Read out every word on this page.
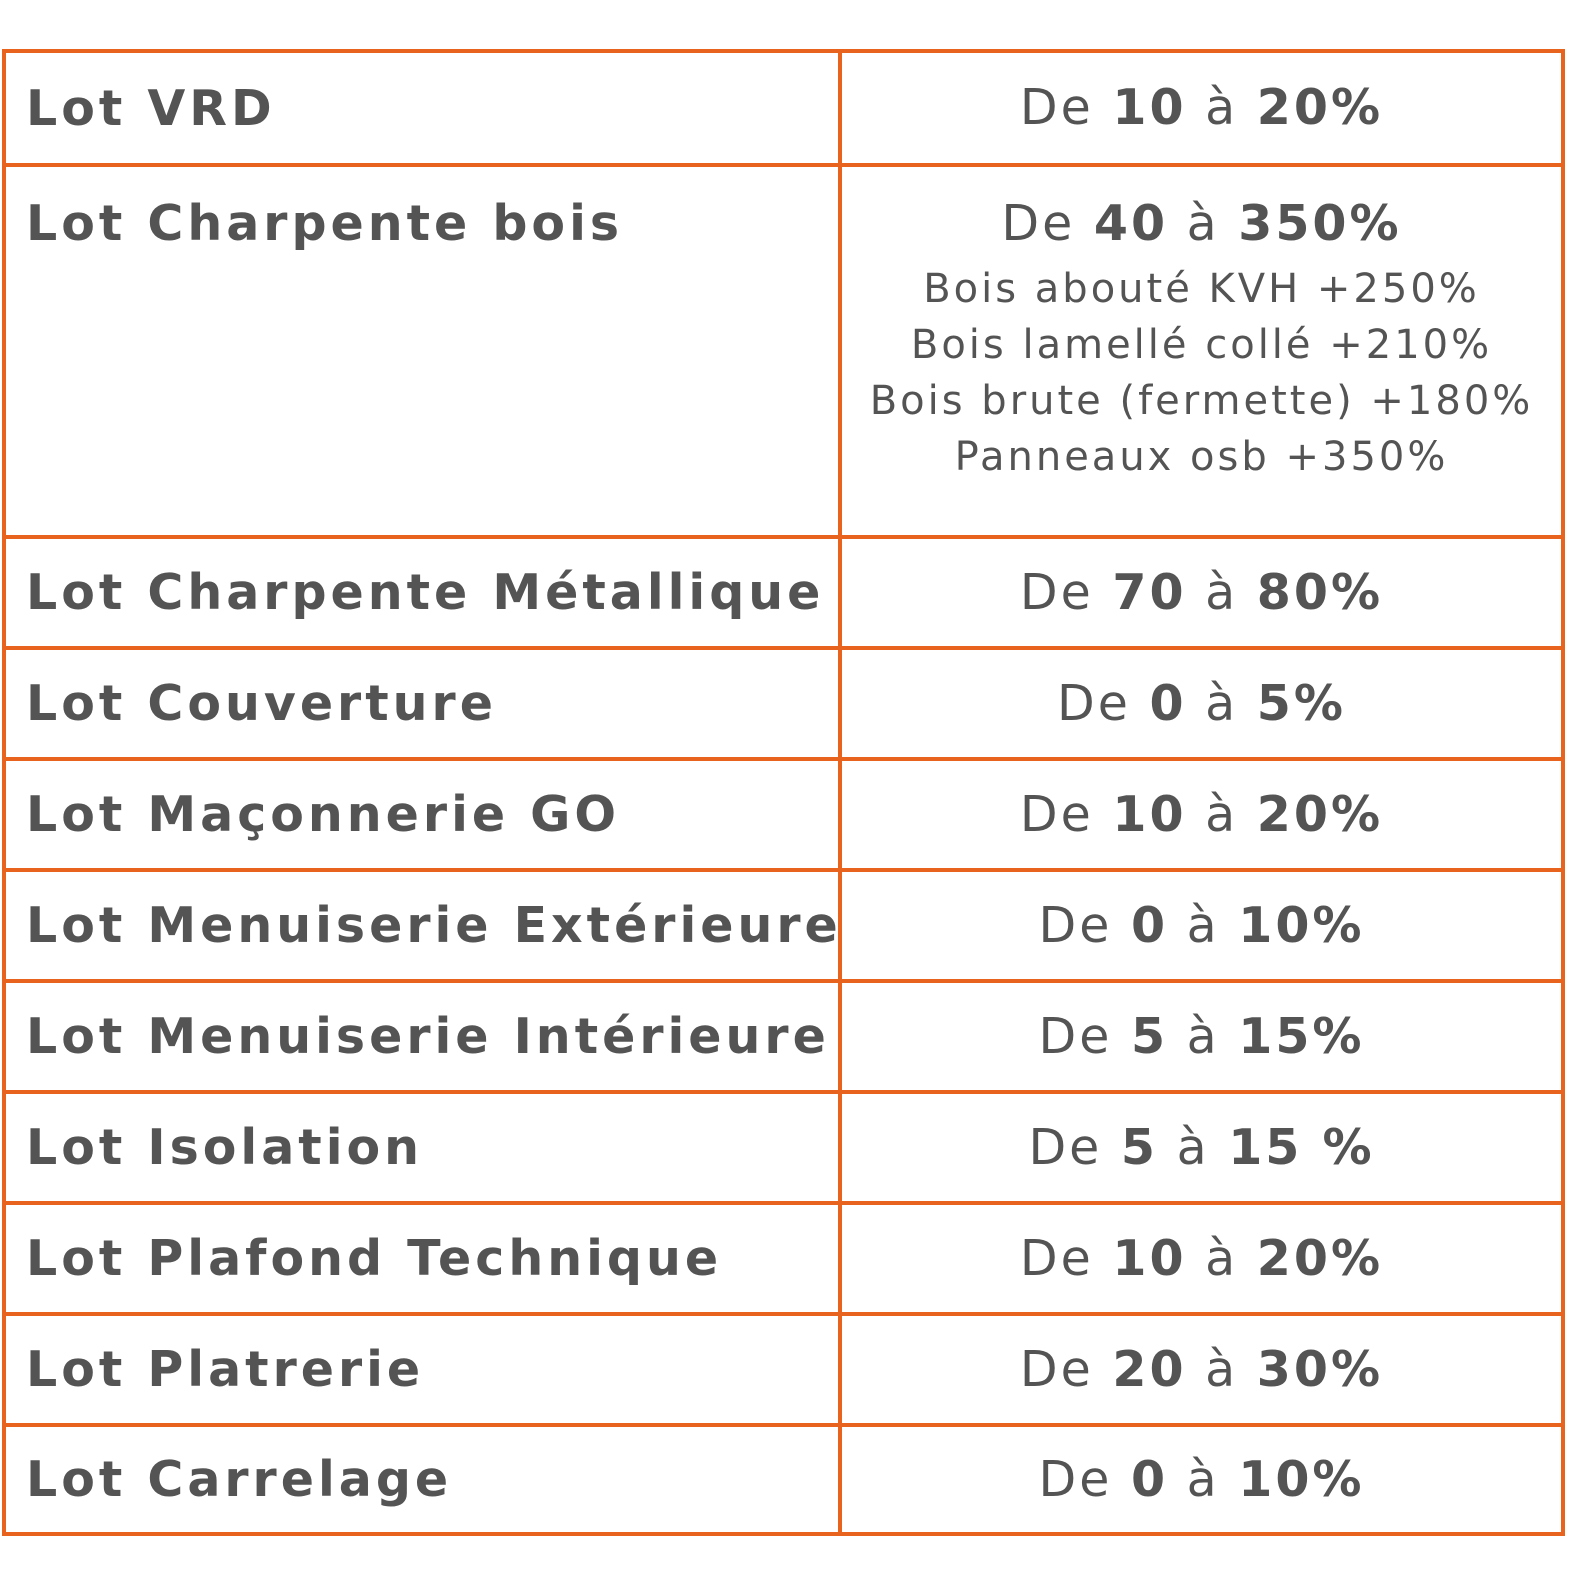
Lot VRD	De 10 à 20%
Lot Charpente bois	De 40 à 350%
Bois abouté KVH +250%
Bois lamellé collé +210%
Bois brute (fermette) +180%
Panneaux osb +350%
Lot Charpente Métallique	De 70 à 80%
Lot Couverture	De 0 à 5%
Lot Maçonnerie GO	De 10 à 20%
Lot Menuiserie Extérieure	De 0 à 10%
Lot Menuiserie Intérieure	De 5 à 15%
Lot Isolation	De 5 à 15 %
Lot Plafond Technique	De 10 à 20%
Lot Platrerie	De 20 à 30%
Lot Carrelage	De 0 à 10%
